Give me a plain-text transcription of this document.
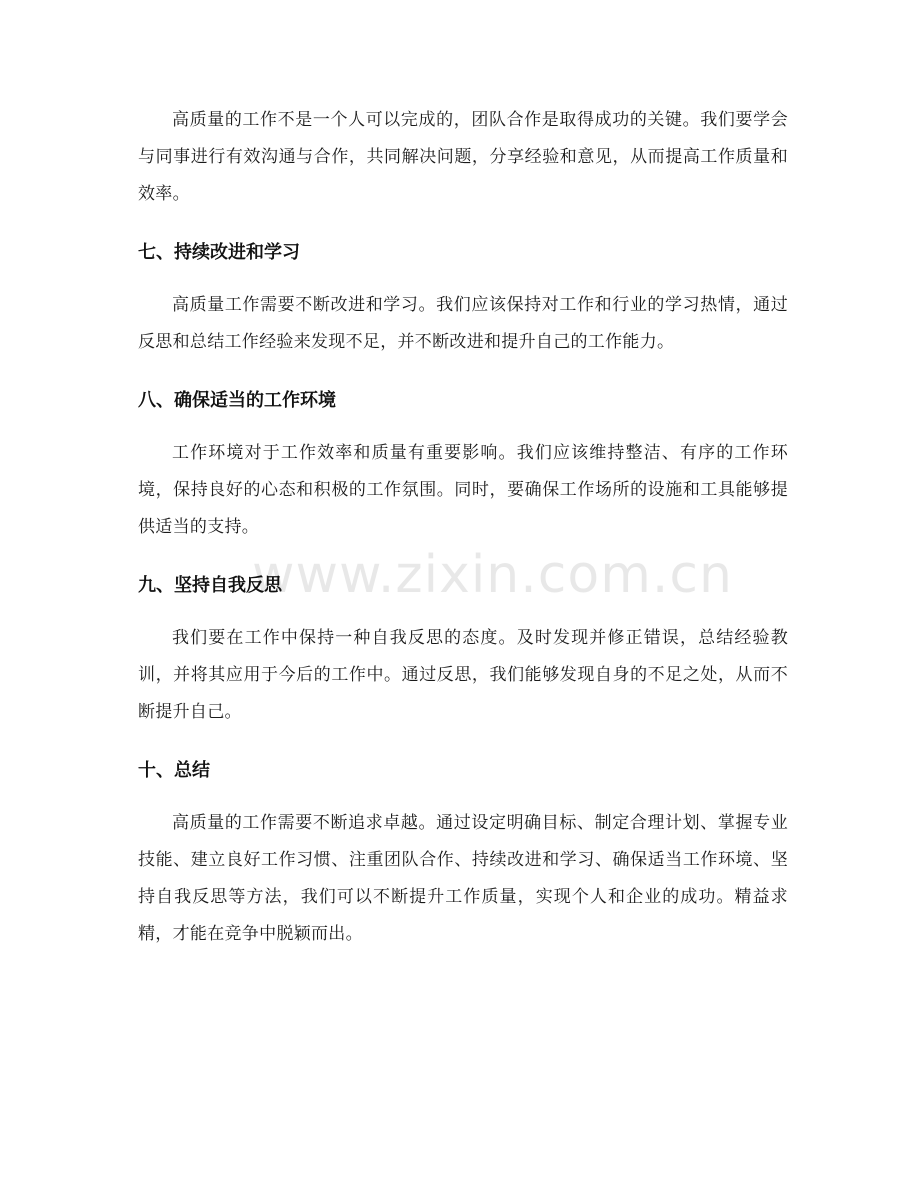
高质量的工作不是一个人可以完成的，团队合作是取得成功的关键。我们要学会与同事进行有效沟通与合作，共同解决问题，分享经验和意见，从而提高工作质量和效率。

七、持续改进和学习

高质量工作需要不断改进和学习。我们应该保持对工作和行业的学习热情，通过反思和总结工作经验来发现不足，并不断改进和提升自己的工作能力。

八、确保适当的工作环境

工作环境对于工作效率和质量有重要影响。我们应该维持整洁、有序的工作环境，保持良好的心态和积极的工作氛围。同时，要确保工作场所的设施和工具能够提供适当的支持。

九、坚持自我反思

我们要在工作中保持一种自我反思的态度。及时发现并修正错误，总结经验教训，并将其应用于今后的工作中。通过反思，我们能够发现自身的不足之处，从而不断提升自己。

十、总结

高质量的工作需要不断追求卓越。通过设定明确目标、制定合理计划、掌握专业技能、建立良好工作习惯、注重团队合作、持续改进和学习、确保适当工作环境、坚持自我反思等方法，我们可以不断提升工作质量，实现个人和企业的成功。精益求精，才能在竞争中脱颖而出。

www.zixin.com.cn
